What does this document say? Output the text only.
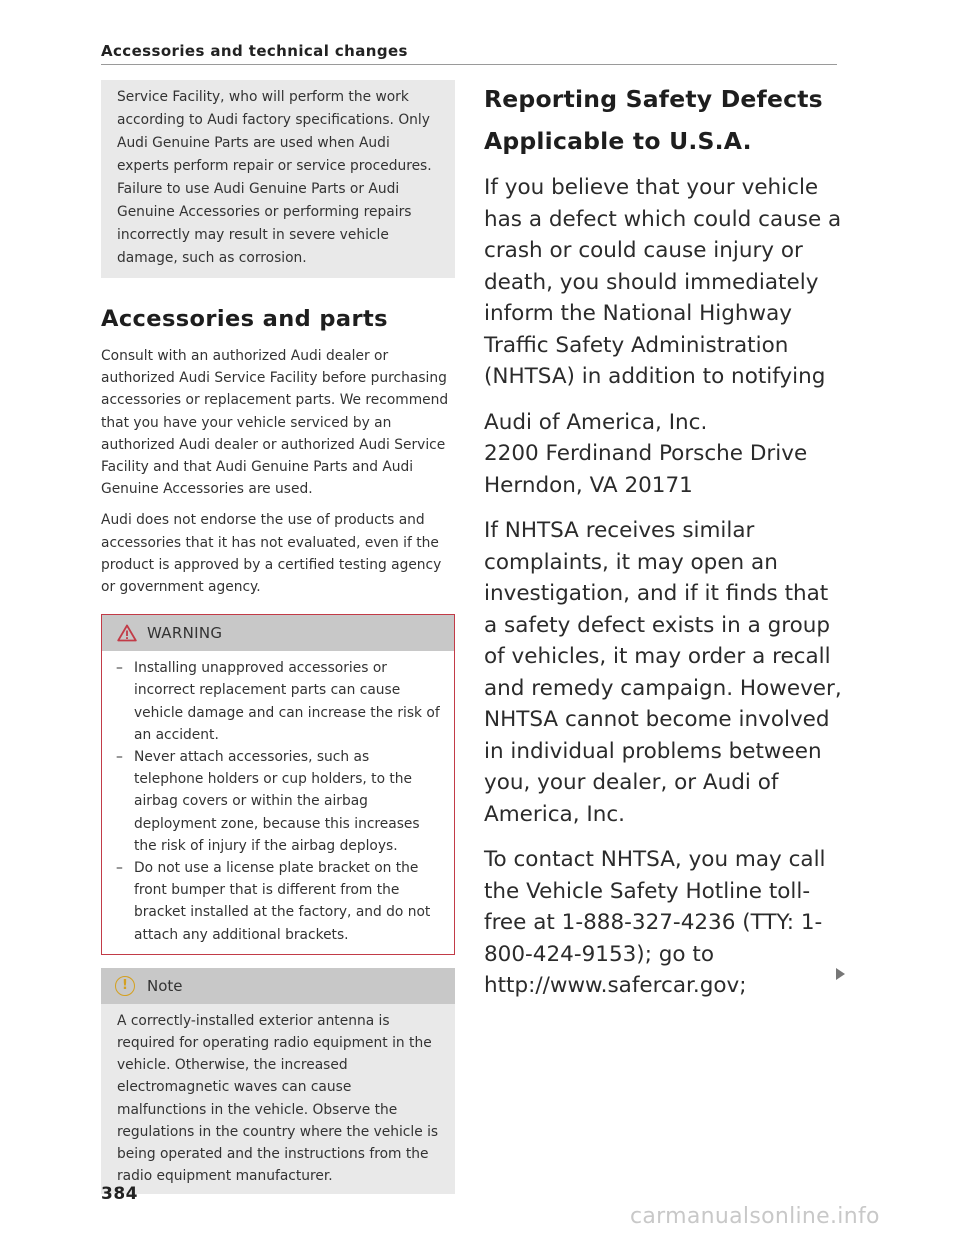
Accessories and technical changes

Service Facility, who will perform the work according to Audi factory specifications. Only Audi Genuine Parts are used when Audi experts perform repair or service procedures. Failure to use Audi Genuine Parts or Audi Genuine Accessories or performing repairs incorrectly may result in severe vehicle damage, such as corrosion.

Accessories and parts

Consult with an authorized Audi dealer or authorized Audi Service Facility before purchasing accessories or replacement parts. We recommend that you have your vehicle serviced by an authorized Audi dealer or authorized Audi Service Facility and that Audi Genuine Parts and Audi Genuine Accessories are used.

Audi does not endorse the use of products and accessories that it has not evaluated, even if the product is approved by a certified testing agency or government agency.

WARNING
– Installing unapproved accessories or incorrect replacement parts can cause vehicle damage and can increase the risk of an accident.
– Never attach accessories, such as telephone holders or cup holders, to the airbag covers or within the airbag deployment zone, because this increases the risk of injury if the airbag deploys.
– Do not use a license plate bracket on the front bumper that is different from the bracket installed at the factory, and do not attach any additional brackets.
!	Note
A correctly-installed exterior antenna is required for operating radio equipment in the vehicle. Otherwise, the increased electromagnetic waves can cause malfunctions in the vehicle. Observe the regulations in the country where the vehicle is being operated and the instructions from the radio equipment manufacturer.
384
Reporting Safety Defects
Applicable to U.S.A.

If you believe that your vehicle has a defect which could cause a crash or could cause injury or death, you should immediately inform the National Highway Traffic Safety Administration (NHTSA) in addition to notifying

Audi of America, Inc.

2200 Ferdinand Porsche Drive

Herndon, VA 20171

If NHTSA receives similar complaints, it may open an investigation, and if it finds that a safety defect exists in a group of vehicles, it may order a recall and remedy campaign. However, NHTSA cannot become involved in individual problems between you, your dealer, or Audi of America, Inc.

To contact NHTSA, you may call the Vehicle Safety Hotline toll-free at 1-888-327-4236 (TTY: 1-800-424-9153); go to http://www.safercar.gov;

carmanualsonline.info
